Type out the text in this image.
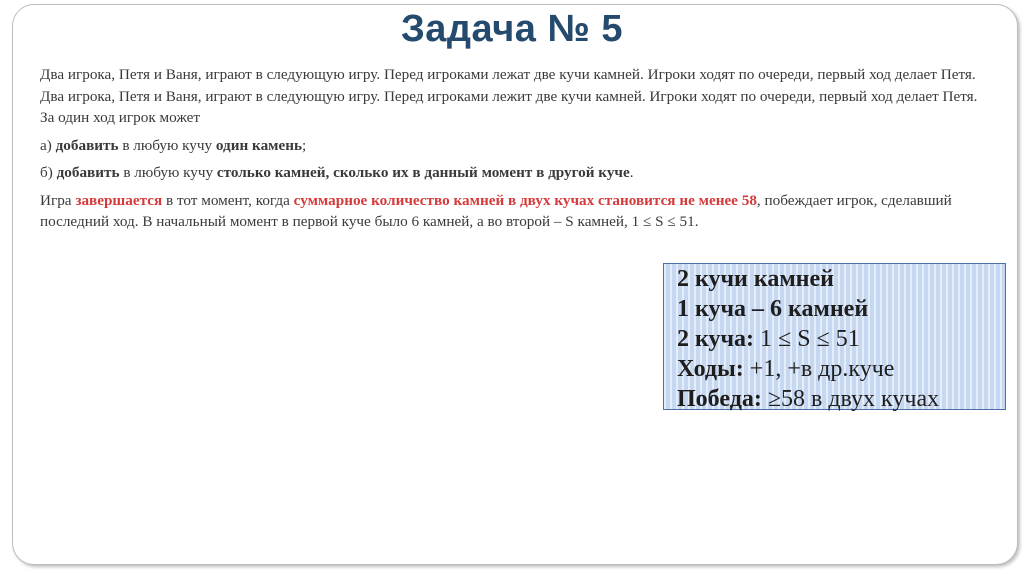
Задача № 5

Два игрока, Петя и Ваня, играют в следующую игру. Перед игроками лежат две кучи камней. Игроки ходят по очереди, первый ход делает Петя. Два игрока, Петя и Ваня, играют в следующую игру. Перед игроками лежит две кучи камней. Игроки ходят по очереди, первый ход делает Петя. За один ход игрок может

а) добавить в любую кучу один камень;

б) добавить в любую кучу столько камней, сколько их в данный момент в другой куче.

Игра завершается в тот момент, когда суммарное количество камней в двух кучах становится не менее 58, побеждает игрок, сделавший последний ход. В начальный момент в первой куче было 6 камней, а во второй – S камней, 1 ≤ S ≤ 51.

2 кучи камней
1 куча – 6 камней
2 куча: 1 ≤ S ≤ 51
Ходы: +1, +в др.куче
Победа: ≥58 в двух кучах
